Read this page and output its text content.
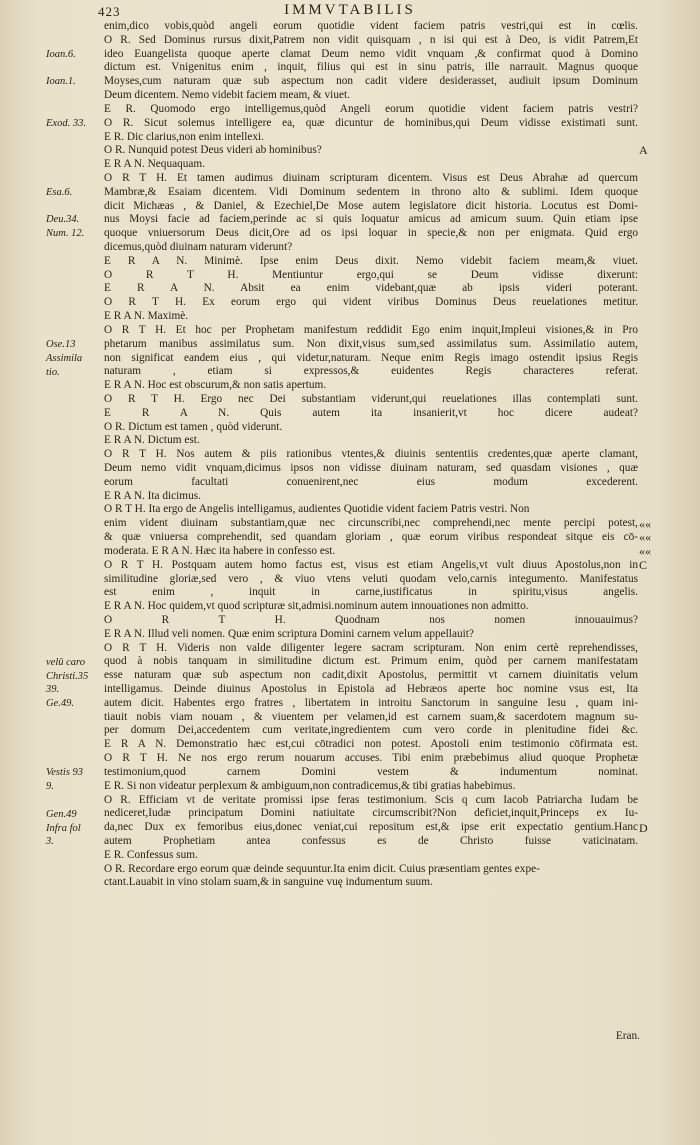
423	IMMVTABILIS
Ioan.6.
Ioan.1.
Exod. 33.
Esa.6.
Deu.34.
Num. 12.
Ose.13
Assimila
tio.
velū caro
Christi.35
39.
Ge.49.
Vestis 93
9.
Gen.49
Infra fol
3.
enim,dico vobis,quòd angeli eorum quotidie vident faciem patris vestri,qui est in cœlis.
O R. Sed Dominus rursus dixit,Patrem non vidit quisquam , n isi qui est à Deo, is vidit Patrem,Et
ideo Euangelista quoque aperte clamat Deum nemo vidit vnquam ,& confirmat quod à Domino
dictum est. Vnigenitus enim , inquit, filius qui est in sinu patris, ille narrauit. Magnus quoque
Moyses,cum naturam quæ sub aspectum non cadit videre desiderasset, audiuit ipsum Dominum
Deum dicentem. Nemo videbit faciem meam, & viuet.
E R. Quomodo ergo intelligemus,quòd Angeli eorum quotidie vident faciem patris vestri?
O R. Sicut solemus intelligere ea, quæ dicuntur de hominibus,qui Deum vidisse existimati sunt.
E R. Dic clarius,non enim intellexi.
O R. Nunquid potest Deus videri ab hominibus?
E R A N. Nequaquam.
O R T H. Et tamen audimus diuinam scripturam dicentem. Visus est Deus Abrahæ ad quercum
Mambræ,& Esaiam dicentem. Vidi Dominum sedentem in throno alto & sublimi. Idem quoque
dicit Michæas , & Daniel, & Ezechiel,De Mose autem legislatore dicit historia. Locutus est Domi-
nus Moysi facie ad faciem,perinde ac si quis loquatur amicus ad amicum suum. Quin etiam ipse
quoque vniuersorum Deus dicit,Ore ad os ipsi loquar in specie,& non per enigmata. Quid ergo
dicemus,quòd diuinam naturam viderunt?
E R A N. Minimè. Ipse enim Deus dixit. Nemo videbit faciem meam,& viuet.
O R T H. Mentiuntur ergo,qui se Deum vidisse dixerunt:
E R A N. Absit ea enim videbant,quæ ab ipsis videri poterant.
O R T H. Ex eorum ergo qui vident viribus Dominus Deus reuelationes metitur.
E R A N. Maximè.
O R T H. Et hoc per Prophetam manifestum reddidit Ego enim inquit,Impleui visiones,& in Pro
phetarum manibus assimilatus sum. Non dixit,visus sum,sed assimilatus sum. Assimilatio autem,
non significat eandem eius , qui videtur,naturam. Neque enim Regis imago ostendit ipsius Regis
naturam , etiam si expressos,& euidentes Regis characteres referat.
E R A N. Hoc est obscurum,& non satis apertum.
O R T H. Ergo nec Dei substantiam viderunt,qui reuelationes illas contemplati sunt.
E R A N. Quis autem ita insanierit,vt hoc dicere audeat?
O R. Dictum est tamen , quòd viderunt.
E R A N. Dictum est.
O R T H. Nos autem & piis rationibus vtentes,& diuinis sententiis credentes,quæ aperte clamant,
Deum nemo vidit vnquam,dicimus ipsos non vidisse diuinam naturam, sed quasdam visiones , quæ
eorum facultati conuenirent,nec eius modum excederent.
E R A N. Ita dicimus.
O R T H. Ita ergo de Angelis intelligamus, audientes Quotidie vident faciem Patris vestri. Non
enim vident diuinam substantiam,quæ nec circunscribi,nec comprehendi,nec mente percipi potest,
& quæ vniuersa comprehendit, sed quandam gloriam , quæ eorum viribus respondeat sitque eis cō-
moderata. E R A N. Hæc ita habere in confesso est.
O R T H. Postquam autem homo factus est, visus est etiam Angelis,vt vult diuus Apostolus,non in
similitudine gloriæ,sed vero , & viuo vtens veluti quodam velo,carnis integumento. Manifestatus
est enim , inquit in carne,iustificatus in spiritu,visus angelis.
E R A N. Hoc quidem,vt quod scripturæ sit,admisi.nominum autem innouationes non admitto.
O R T H. Quodnam nos nomen innouauimus?
E R A N. Illud veli nomen. Quæ enim scriptura Domini carnem velum appellauit?
O R T H. Videris non valde diligenter legere sacram scripturam. Non enim certè reprehendisses,
quod à nobis tanquam in similitudine dictum est. Primum enim, quòd per carnem manifestatam
esse naturam quæ sub aspectum non cadit,dixit Apostolus, permittit vt carnem diuinitatis velum
intelligamus. Deinde diuinus Apostolus in Epistola ad Hebræos aperte hoc nomine vsus est, Ita
autem dicit. Habentes ergo fratres , libertatem in introitu Sanctorum in sanguine Iesu , quam ini-
tiauit nobis viam nouam , & viuentem per velamen,id est carnem suam,& sacerdotem magnum su-
per domum Dei,accedentem cum veritate,ingredientem cum vero corde in plenitudine fidei &c.
E R A N. Demonstratio hæc est,cui cōtradici non potest. Apostoli enim testimonio cōfirmata est.
O R T H. Ne nos ergo rerum nouarum accuses. Tibi enim præbebimus aliud quoque Prophetæ
testimonium,quod carnem Domini vestem & indumentum nominat.
E R. Si non videatur perplexum & ambiguum,non contradicemus,& tibi gratias habebimus.
O R. Efficiam vt de veritate promissi ipse feras testimonium. Scis q cum Iacob Patriarcha Iudam be
nediceret,Iudæ principatum Domini natiuitate circumscribit?Non deficiet,inquit,Princeps ex Iu-
da,nec Dux ex femoribus eius,donec veniat,cui repositum est,& ipse erit expectatio gentium.Hanc
autem Prophetiam antea confessus es de Christo fuisse vaticinatam.
E R. Confessus sum.
O R. Recordare ergo eorum quæ deinde sequuntur.Ita enim dicit. Cuius præsentiam gentes expe-
ctant.Lauabit in vino stolam suam,& in sanguine vuę indumentum suum.
A
««
««
««
C
D
Eran.
